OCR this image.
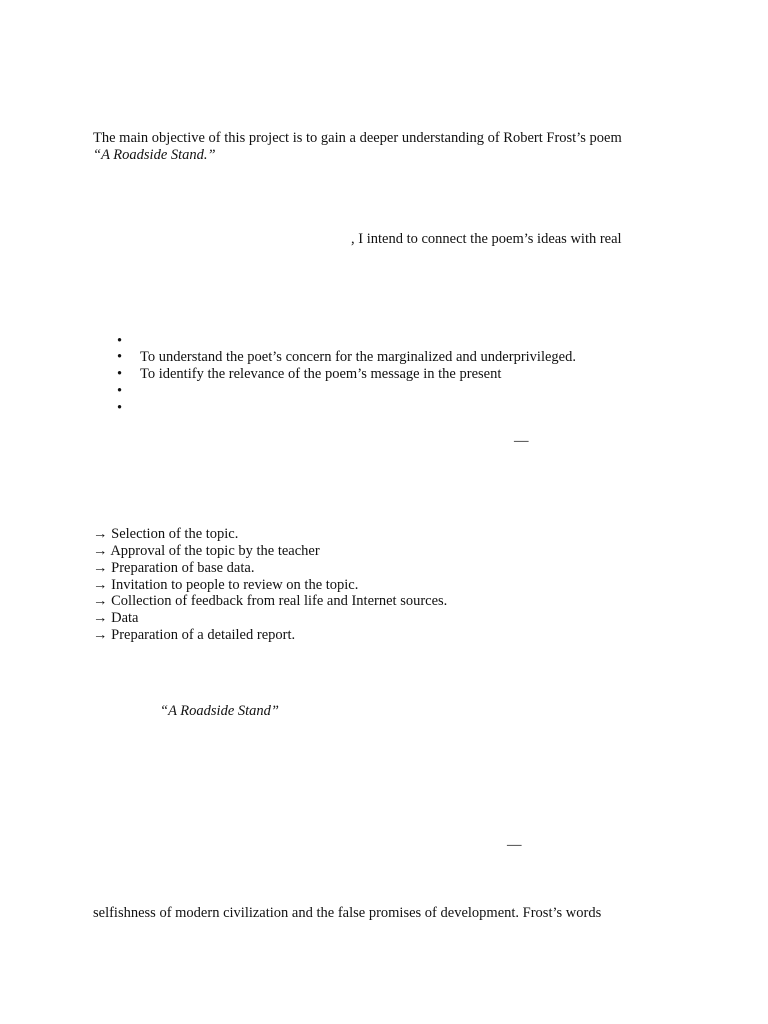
The main objective of this project is to gain a deeper understanding of Robert Frost’s poem
“A Roadside Stand.”
, I intend to connect the poem’s ideas with real
•
• To understand the poet’s concern for the marginalized and underprivileged.
• To identify the relevance of the poem’s message in the present
•
•
—
→ Selection of the topic.
→ Approval of the topic by the teacher
→ Preparation of base data.
→ Invitation to people to review on the topic.
→ Collection of feedback from real life and Internet sources.
→ Data
→ Preparation of a detailed report.
“A Roadside Stand”
—
selfishness of modern civilization and the false promises of development. Frost’s words
